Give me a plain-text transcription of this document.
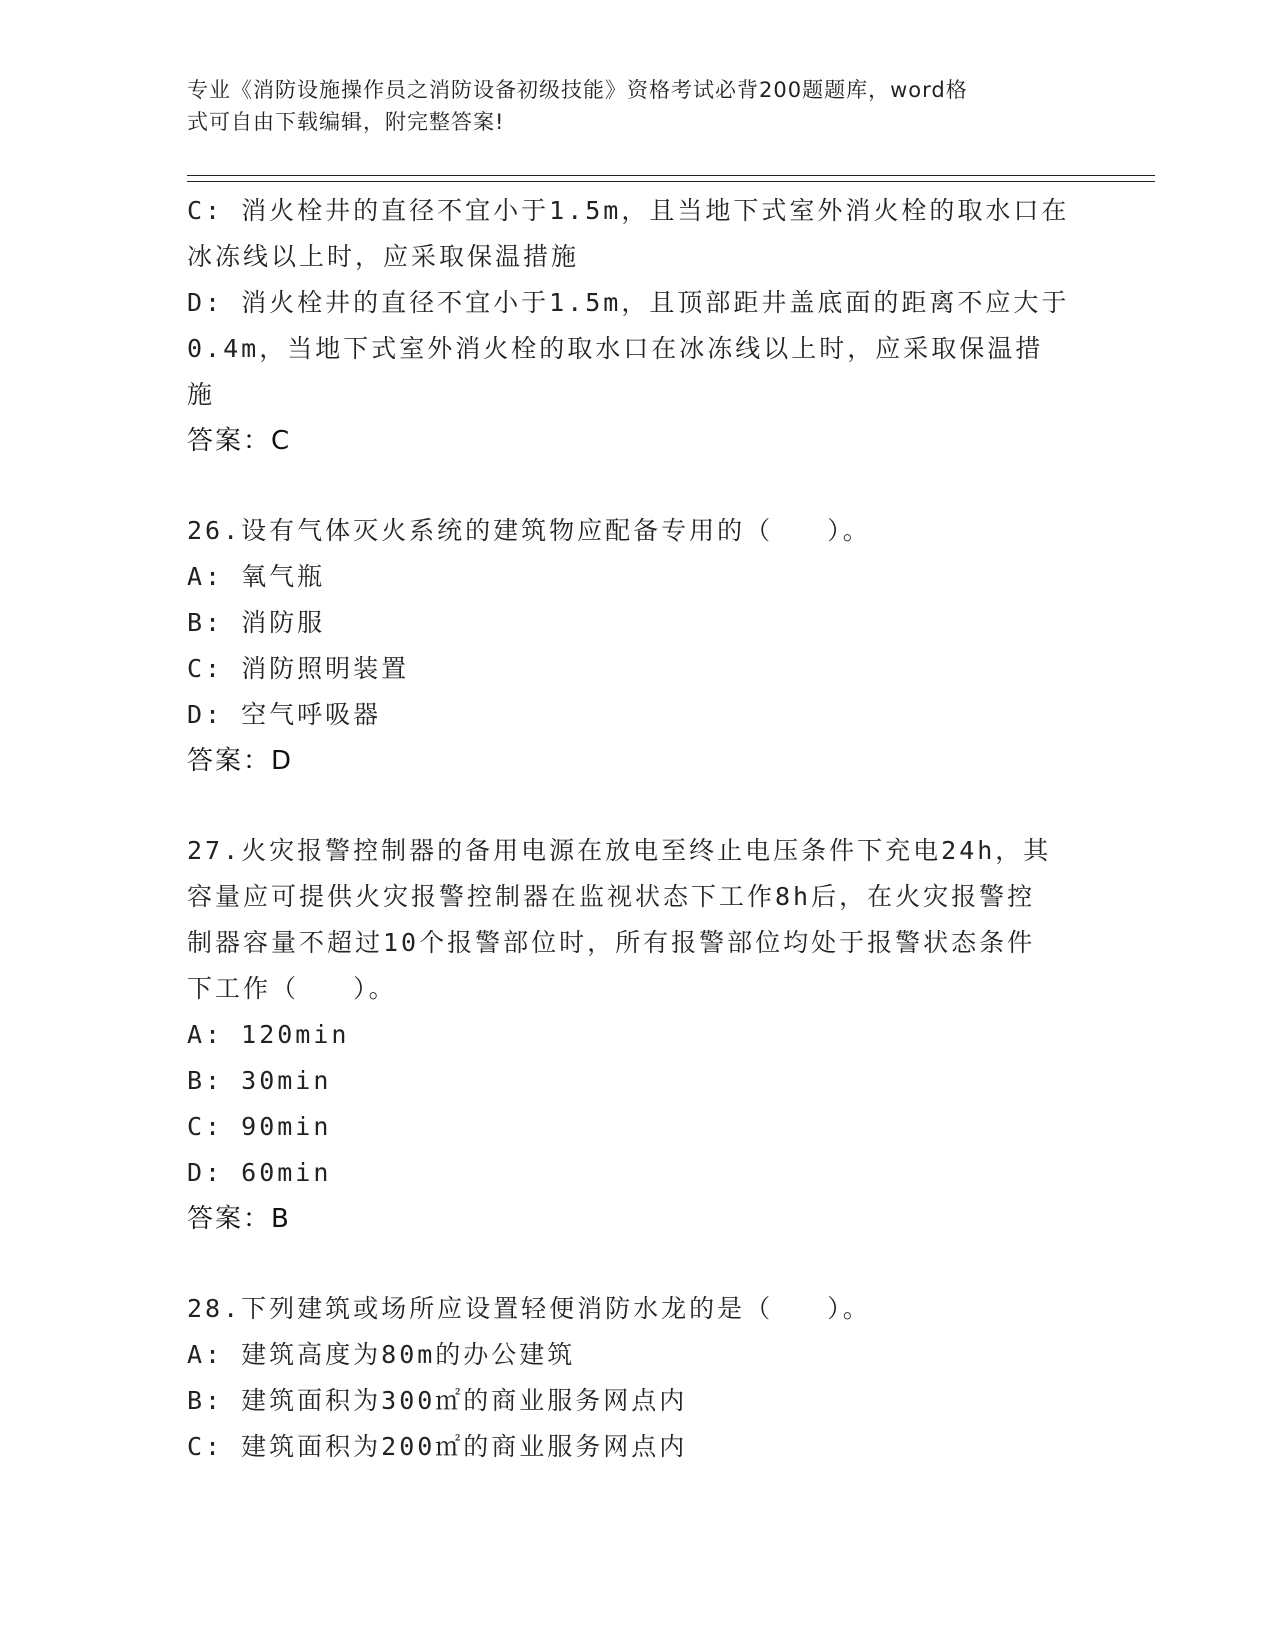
专业《消防设施操作员之消防设备初级技能》资格考试必背200题题库，word格
式可自由下载编辑，附完整答案!

C: 消火栓井的直径不宜小于1.5m，且当地下式室外消火栓的取水口在

冰冻线以上时，应采取保温措施

D: 消火栓井的直径不宜小于1.5m，且顶部距井盖底面的距离不应大于

0.4m，当地下式室外消火栓的取水口在冰冻线以上时，应采取保温措

施

答案：C

26.设有气体灭火系统的建筑物应配备专用的（   ）。

A: 氧气瓶

B: 消防服

C: 消防照明装置

D: 空气呼吸器

答案：D

27.火灾报警控制器的备用电源在放电至终止电压条件下充电24h，其

容量应可提供火灾报警控制器在监视状态下工作8h后，在火灾报警控

制器容量不超过10个报警部位时，所有报警部位均处于报警状态条件

下工作（   ）。

A: 120min

B: 30min

C: 90min

D: 60min

答案：B

28.下列建筑或场所应设置轻便消防水龙的是（   ）。

A: 建筑高度为80m的办公建筑

B: 建筑面积为300㎡的商业服务网点内

C: 建筑面积为200㎡的商业服务网点内
